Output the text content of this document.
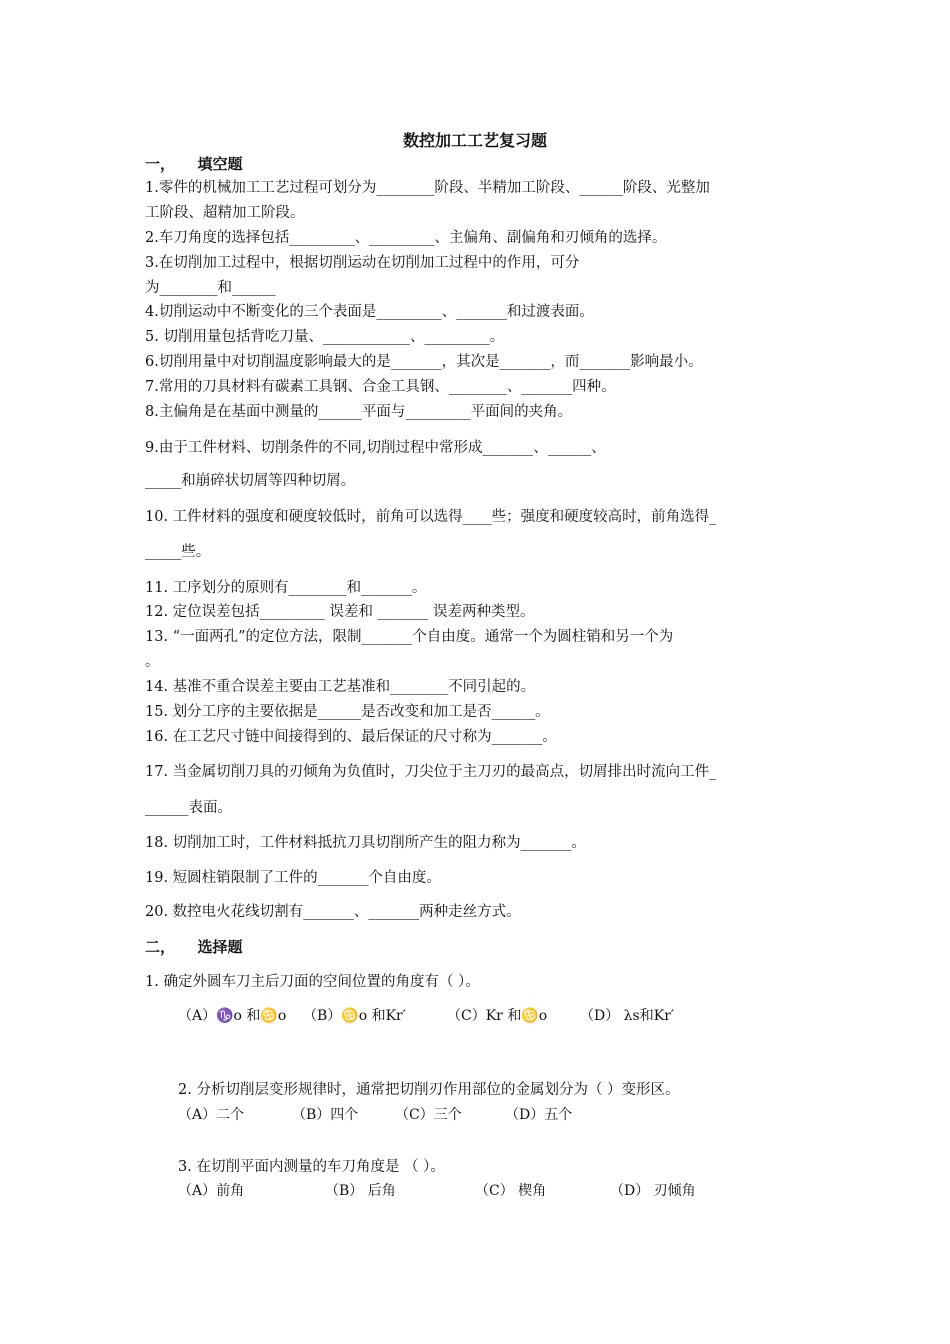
数控加工工艺复习题
一，　　填空题
1.零件的机械加工工艺过程可划分为________阶段、半精加工阶段、______阶段、光整加
工阶段、超精加工阶段。
2.车刀角度的选择包括_________、_________、主偏角、副偏角和刃倾角的选择。
3.在切削加工过程中，根据切削运动在切削加工过程中的作用，可分
为________和______
4.切削运动中不断变化的三个表面是_________、_______和过渡表面。
5. 切削用量包括背吃刀量、____________、_________。
6.切削用量中对切削温度影响最大的是_______，其次是_______，而_______影响最小。
7.常用的刀具材料有碳素工具钢、合金工具钢、________、_______四种。
8.主偏角是在基面中测量的______平面与_________平面间的夹角。
9.由于工件材料、切削条件的不同,切削过程中常形成_______、______、
_____和崩碎状切屑等四种切屑。
10. 工件材料的强度和硬度较低时，前角可以选得____些；强度和硬度较高时，前角选得_
_____些。
11. 工序划分的原则有________和_______。
12. 定位误差包括_________ 误差和 _______ 误差两种类型。
13. “一面两孔”的定位方法，限制_______个自由度。通常一个为圆柱销和另一个为
。
14. 基准不重合误差主要由工艺基准和________不同引起的。
15. 划分工序的主要依据是______是否改变和加工是否______。
16. 在工艺尺寸链中间接得到的、最后保证的尺寸称为_______。
17. 当金属切削刀具的刃倾角为负值时，刀尖位于主刀刃的最高点，切屑排出时流向工件_
______表面。
18. 切削加工时，工件材料抵抗刀具切削所产生的阻力称为_______。
19. 短圆柱销限制了工件的_______个自由度。
20. 数控电火花线切割有_______、_______两种走丝方式。
二，　　选择题
1. 确定外圆车刀主后刀面的空间位置的角度有（ ）。
（A）♑o 和♋o （B）♋o 和Kr′	（C）Kr 和♋o （D） λs和Kr′
2. 分析切削层变形规律时，通常把切削刃作用部位的金属划分为（ ）变形区。
（A）二个	（B）四个	（C）三个	（D）五个
3. 在切削平面内测量的车刀角度是 （ ）。
（A）前角	（B） 后角	（C） 楔角	（D） 刃倾角
